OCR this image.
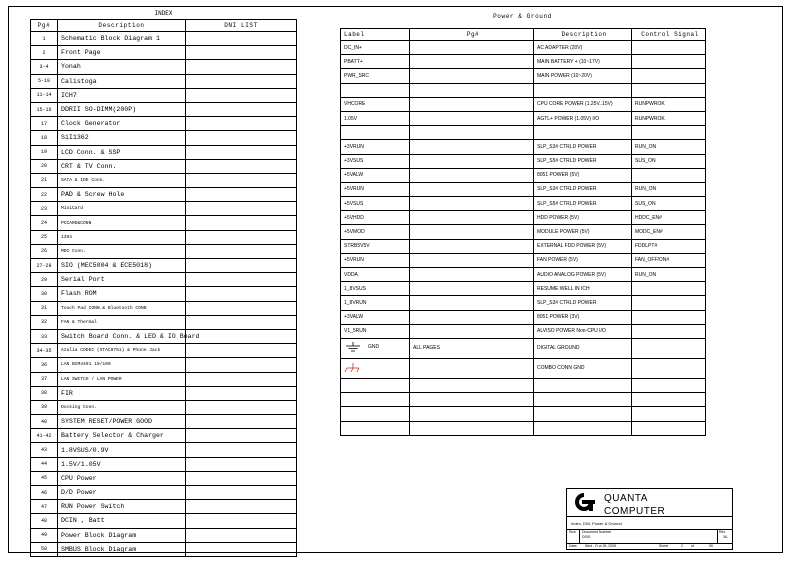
INDEX		
Pg#	Description	DNI LIST
1	Schematic Block Diagram 1	
2	Front Page	
3-4	Yonah	
5-10	Calistoga	
11-14	ICH7	
15-16	DDRII SO-DIMM(200P)	
17	Clock Generator	
18	SiI1362	
19	LCD Conn. & SSP	
20	CRT & TV Conn.	
21	SATA & IDE Conn.	
22	PAD & Screw Hole	
23	MiniCard	
24	PCCARD&CONN	
25	1394	
26	MDC Conn.	
27-28	SIO (MEC5004 & ECE5018)	
29	Serial Port	
30	Flash ROM	
31	Touch Pad CONN.& Bluetooth CONN	
32	FAN & Thermal	
33	Switch Board Conn. & LED & IO Board	
34-35	Azalia CODEC (STAC9751) & Phone Jack	
36	LAN BCM4401 10/100	
37	LAN SWITCH / LAN POWER	
38	FIR	
39	Docking Conn.	
40	SYSTEM RESET/POWER GOOD	
41-42	Battery Selector & Charger	
43	1.8VSUS/0.9V	
44	1.5V/1.05V	
45	CPU Power	
46	D/D Power	
47	RUN Power Switch	
48	DCIN , Batt	
49	Power Block Diagram	
50	SMBUS Block Diagram	
Power & Ground
Label	Pg#	Description	Control Signal
DC_IN+		AC ADAPTER (20V)	
PBATT+		MAIN BATTERY + (10~17V)	
PWR_SRC		MAIN POWER (10~20V)	

VHCORE		CPU CORE POWER (1.25V..15V)	RUNPWROK
1.05V		AGTL+ POWER (1.05V) I/O	RUNPWROK

+3VRUN		SLP_S3# CTRLD POWER	RUN_ON
+3VSUS		SLP_S5# CTRLD POWER	SUS_ON
+5VALW		8051 POWER (5V)	
+5VRUN		SLP_S3# CTRLD POWER	RUN_ON
+5VSUS		SLP_S5# CTRLD POWER	SUS_ON
+5VHDD		HDD POWER (5V)	HDDC_EN#
+5VMOD		MODULE POWER (5V)	MODC_EN#
STRB5V5V		EXTERNAL FDD POWER (5V)	FDDLPT#
+5VRUN		FAN POWER (5V)	FAN_OFF/ON#
VDDA		AUDIO ANALOG POWER (5V)	RUN_ON
1_8VSUS		RESUME WELL IN ICH	
1_8VRUN		SLP_S3# CTRLD POWER	
+3VALW		8051 POWER (3V)	
V1_5RUN		ALVISO POWER Non-CPU I/O	

GND	ALL PAGES	DIGITAL GROUND	

		COMBO CONN GND	

QUANTA
COMPUTER
Index, DNI, Power & Ground
Size Document Number
DSIS
Rev
3A
Date: Wed , O ct 26, 2005	Sheet	2 of	50
